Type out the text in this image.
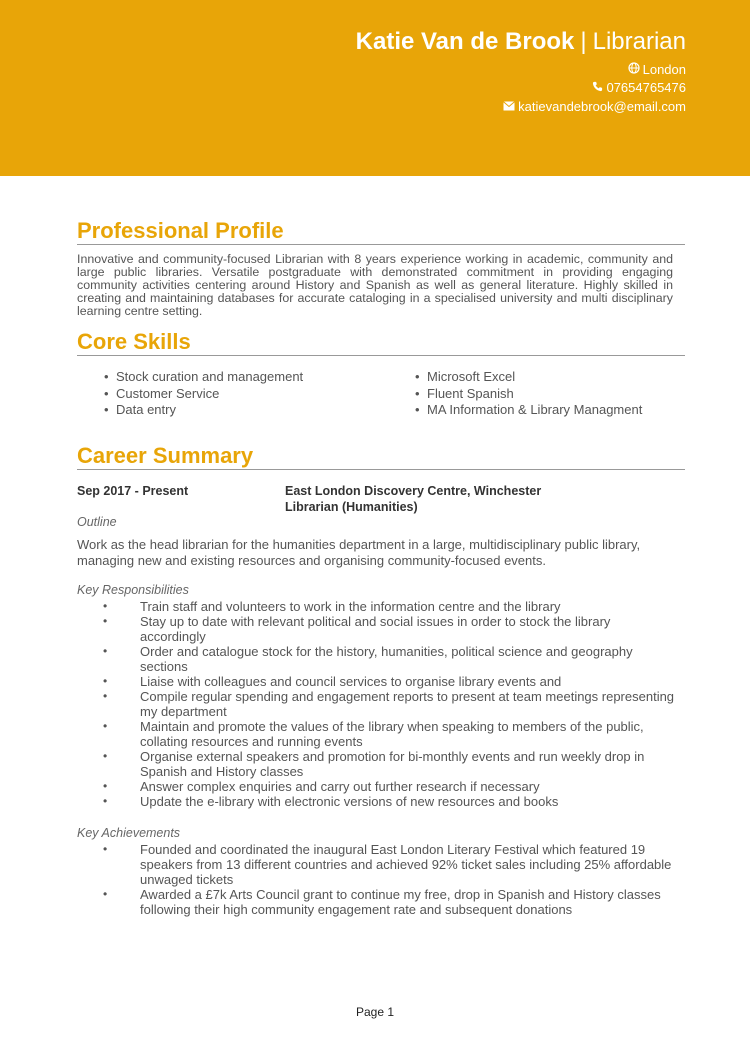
Katie Van de Brook | Librarian
London
07654765476
katievandebrook@email.com
Professional Profile
Innovative and community-focused Librarian with 8 years experience working in academic, community and large public libraries. Versatile postgraduate with demonstrated commitment in providing engaging community activities centering around History and Spanish as well as general literature. Highly skilled in creating and maintaining databases for accurate cataloging in a specialised university and multi disciplinary learning centre setting.
Core Skills
• Stock curation and management
• Customer Service
• Data entry
• Microsoft Excel
• Fluent Spanish
• MA Information & Library Managment
Career Summary
Sep 2017 - Present	East London Discovery Centre, Winchester
Librarian (Humanities)
Outline
Work as the head librarian for the humanities department in a large, multidisciplinary public library, managing new and existing resources and organising community-focused events.
Key Responsibilities
•	Train staff and volunteers to work in the information centre and the library
•	Stay up to date with relevant political and social issues in order to stock the library accordingly
•	Order and catalogue stock for the history, humanities, political science and geography sections
•	Liaise with colleagues and council services to organise library events and
•	Compile regular spending and engagement reports to present at team meetings representing my department
•	Maintain and promote the values of the library when speaking to members of the public, collating resources and running events
•	Organise external speakers and promotion for bi-monthly events and run weekly drop in Spanish and History classes
•	Answer complex enquiries and carry out further research if necessary
•	Update the e-library with electronic versions of new resources and books
Key Achievements
•	Founded and coordinated the inaugural East London Literary Festival which featured 19 speakers from 13 different countries and achieved 92% ticket sales including 25% affordable unwaged tickets
•	Awarded a £7k Arts Council grant to continue my free, drop in Spanish and History classes following their high community engagement rate and subsequent donations
Page 1
